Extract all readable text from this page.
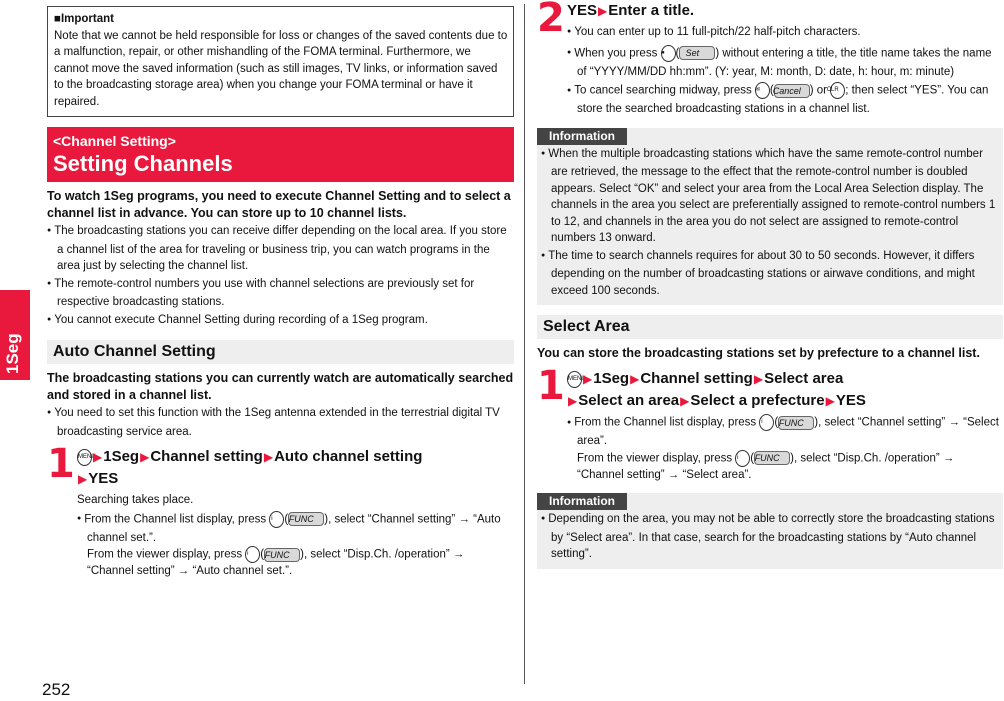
1Seg
252
■Important
Note that we cannot be held responsible for loss or changes of the saved contents due to a malfunction, repair, or other mishandling of the FOMA terminal. Furthermore, we cannot move the saved information (such as still images, TV links, or information saved to the broadcasting storage area) when you change your FOMA terminal or have it repaired.
<Channel Setting>
Setting Channels
To watch 1Seg programs, you need to execute Channel Setting and to select a channel list in advance. You can store up to 10 channel lists.
● The broadcasting stations you can receive differ depending on the local area. If you store a channel list of the area for traveling or business trip, you can watch programs in the area just by selecting the channel list.
● The remote-control numbers you use with channel selections are previously set for respective broadcasting stations.
● You cannot execute Channel Setting during recording of a 1Seg program.
Auto Channel Setting
The broadcasting stations you can currently watch are automatically searched and stored in a channel list.
● You need to set this function with the 1Seg antenna extended in the terrestrial digital TV broadcasting service area.
1 MENU▶1Seg▶Channel setting▶Auto channel setting
▶YES
Searching takes place.
● From the Channel list display, press i (FUNC ), select “Channel setting” → “Auto channel set.”.
From the viewer display, press i (FUNC ), select “Disp.Ch. /operation” → “Channel setting” → “Auto channel set.”.
2 YES▶Enter a title.
● You can enter up to 11 full-pitch/22 half-pitch characters.
● When you press ● ( Set ) without entering a title, the title name takes the name of “YYYY/MM/DD hh:mm”. (Y: year, M: month, D: date, h: hour, m: minute)
● To cancel searching midway, press ✉ (Cancel ) or CLR ; then select “YES”. You can store the searched broadcasting stations in a channel list.
Information
● When the multiple broadcasting stations which have the same remote-control number are retrieved, the message to the effect that the remote-control number is doubled appears. Select “OK” and select your area from the Local Area Selection display. The channels in the area you select are preferentially assigned to remote-control numbers 1 to 12, and channels in the area you do not select are assigned to remote-control numbers 13 onward.
● The time to search channels requires for about 30 to 50 seconds. However, it differs depending on the number of broadcasting stations or airwave conditions, and might exceed 100 seconds.
Select Area
You can store the broadcasting stations set by prefecture to a channel list.
1 MENU▶1Seg▶Channel setting▶Select area
▶Select an area▶Select a prefecture▶YES
● From the Channel list display, press i (FUNC ), select “Channel setting” → “Select area”.
From the viewer display, press i (FUNC ), select “Disp.Ch. /operation” → “Channel setting” → “Select area”.
Information
● Depending on the area, you may not be able to correctly store the broadcasting stations by “Select area”. In that case, search for the broadcasting stations by “Auto channel setting”.
